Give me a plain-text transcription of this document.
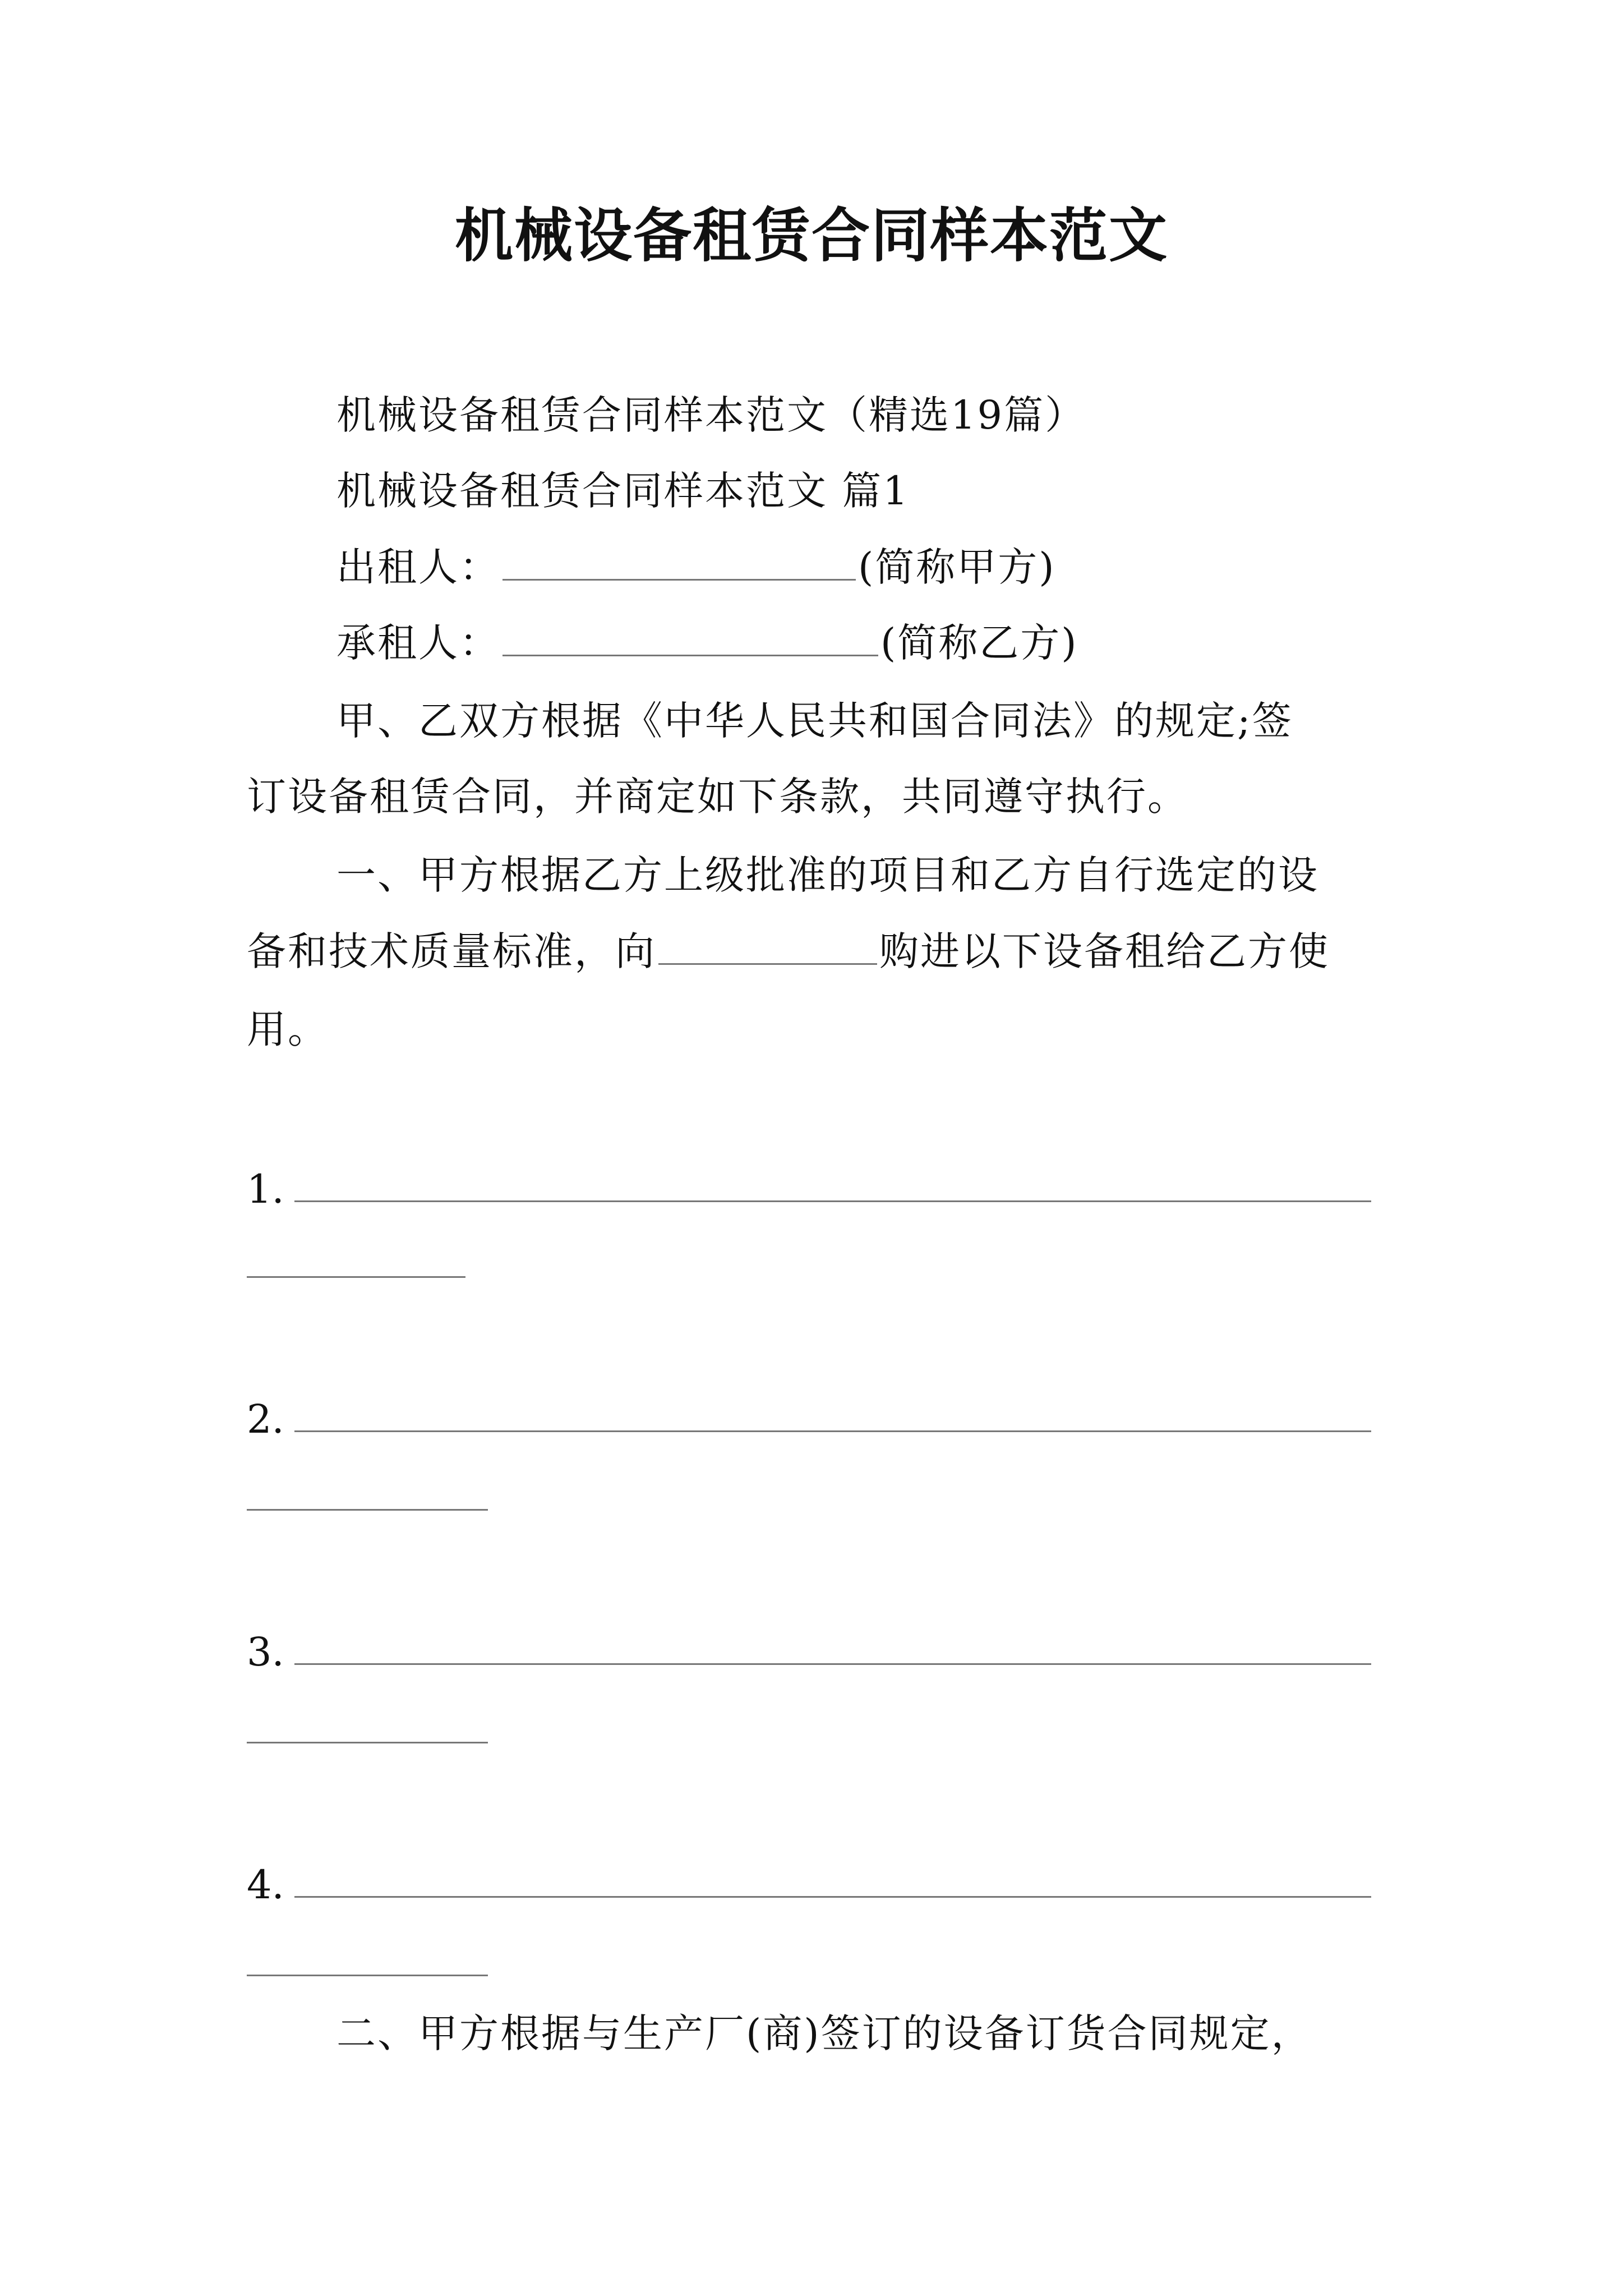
机械设备租赁合同样本范文
机械设备租赁合同样本范文（精选19篇）
机械设备租赁合同样本范文 篇1
出租人：	(简称甲方)
承租人：	(简称乙方)
甲、乙双方根据《中华人民共和国合同法》的规定;签
订设备租赁合同，并商定如下条款，共同遵守执行。
一、甲方根据乙方上级批准的项目和乙方自行选定的设
备和技术质量标准，向	购进以下设备租给乙方使
用。
1.
2.
3.
4.
二、甲方根据与生产厂(商)签订的设备订货合同规定，
